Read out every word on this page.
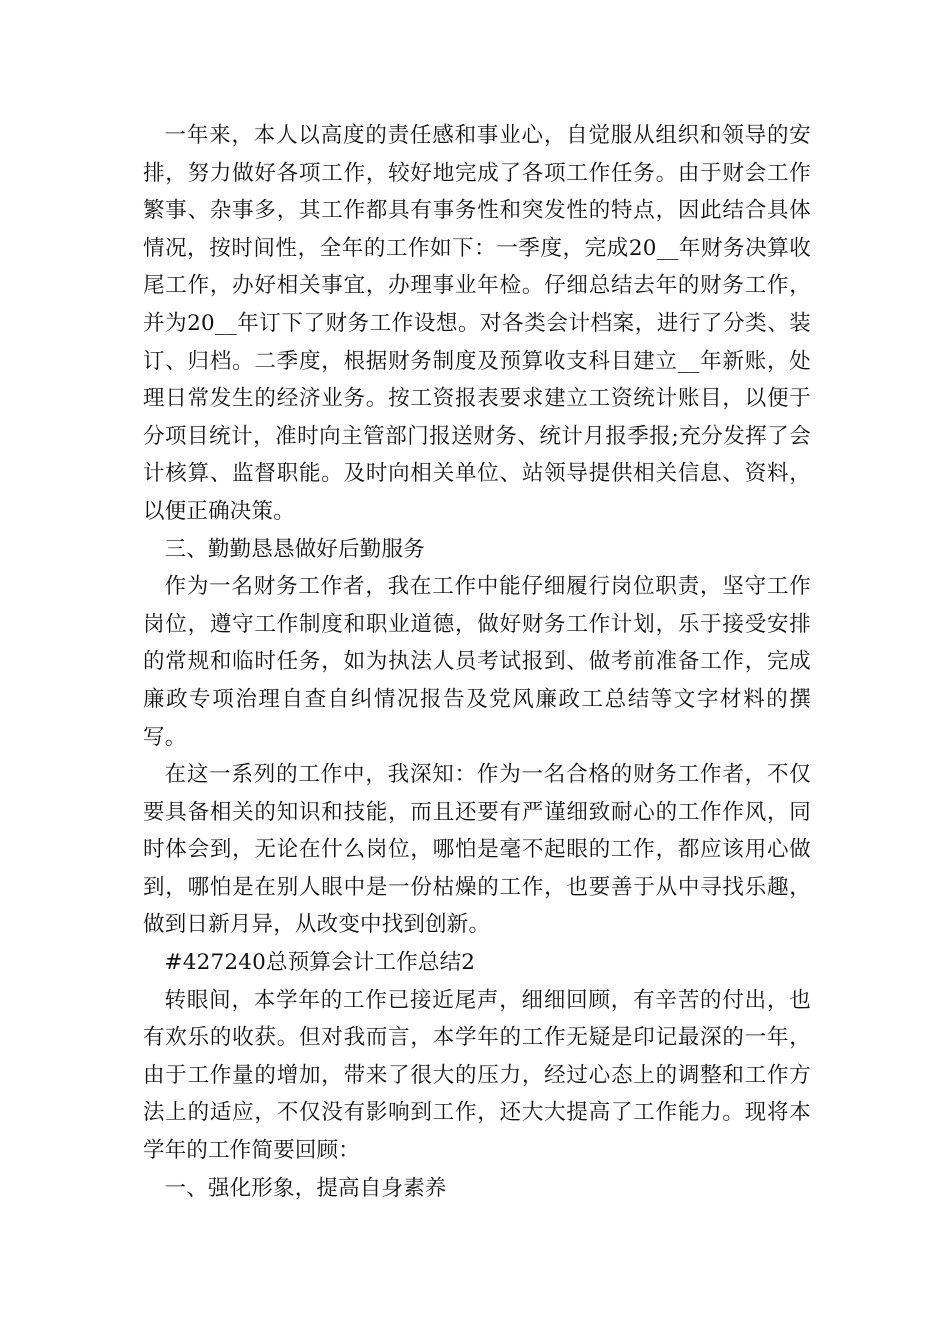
一年来，本人以高度的责任感和事业心，自觉服从组织和领导的安排，努力做好各项工作，较好地完成了各项工作任务。由于财会工作繁事、杂事多，其工作都具有事务性和突发性的特点，因此结合具体情况，按时间性，全年的工作如下：一季度，完成20__年财务决算收尾工作，办好相关事宜，办理事业年检。仔细总结去年的财务工作，并为20__年订下了财务工作设想。对各类会计档案，进行了分类、装订、归档。二季度，根据财务制度及预算收支科目建立__年新账，处理日常发生的经济业务。按工资报表要求建立工资统计账目，以便于分项目统计，准时向主管部门报送财务、统计月报季报;充分发挥了会计核算、监督职能。及时向相关单位、站领导提供相关信息、资料，以便正确决策。

三、勤勤恳恳做好后勤服务

作为一名财务工作者，我在工作中能仔细履行岗位职责，坚守工作岗位，遵守工作制度和职业道德，做好财务工作计划，乐于接受安排的常规和临时任务，如为执法人员考试报到、做考前准备工作，完成廉政专项治理自查自纠情况报告及党风廉政工总结等文字材料的撰写。

在这一系列的工作中，我深知：作为一名合格的财务工作者，不仅要具备相关的知识和技能，而且还要有严谨细致耐心的工作作风，同时体会到，无论在什么岗位，哪怕是毫不起眼的工作，都应该用心做到，哪怕是在别人眼中是一份枯燥的工作，也要善于从中寻找乐趣，做到日新月异，从改变中找到创新。

#427240总预算会计工作总结2

转眼间，本学年的工作已接近尾声，细细回顾，有辛苦的付出，也有欢乐的收获。但对我而言，本学年的工作无疑是印记最深的一年，由于工作量的增加，带来了很大的压力，经过心态上的调整和工作方法上的适应，不仅没有影响到工作，还大大提高了工作能力。现将本学年的工作简要回顾：

一、强化形象，提高自身素养
